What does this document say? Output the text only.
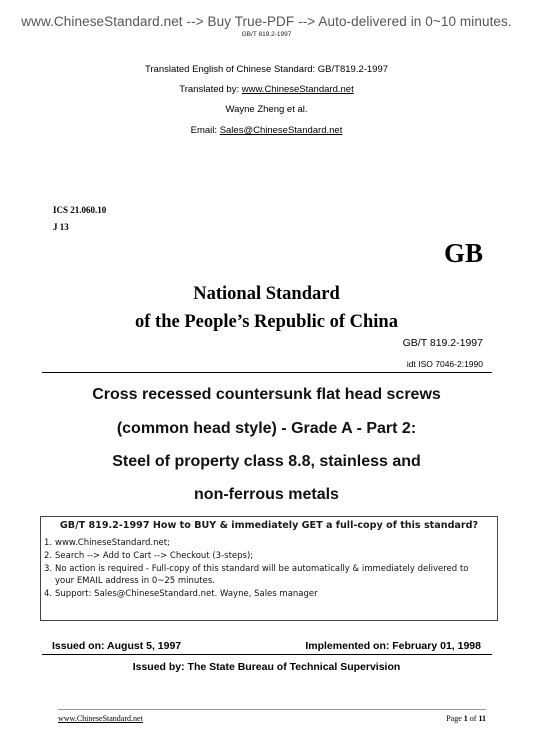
www.ChineseStandard.net --> Buy True-PDF --> Auto-delivered in 0~10 minutes.
GB/T 819.2-1997
Translated English of Chinese Standard: GB/T819.2-1997
Translated by: www.ChineseStandard.net
Wayne Zheng et al.
Email: Sales@ChineseStandard.net
ICS 21.060.10
J 13
GB
National Standard
of the People’s Republic of China
GB/T 819.2-1997
idt ISO 7046-2:1990
Cross recessed countersunk flat head screws
(common head style) - Grade A - Part 2:
Steel of property class 8.8, stainless and
non-ferrous metals
GB/T 819.2-1997 How to BUY & immediately GET a full-copy of this standard?
1. www.ChineseStandard.net;
2. Search --> Add to Cart --> Checkout (3-steps);
3. No action is required - Full-copy of this standard will be automatically & immediately delivered to
your EMAIL address in 0~25 minutes.
4. Support: Sales@ChineseStandard.net. Wayne, Sales manager
Issued on: August 5, 1997	Implemented on: February 01, 1998
Issued by: The State Bureau of Technical Supervision
www.ChineseStandard.net	Page 1 of 11
